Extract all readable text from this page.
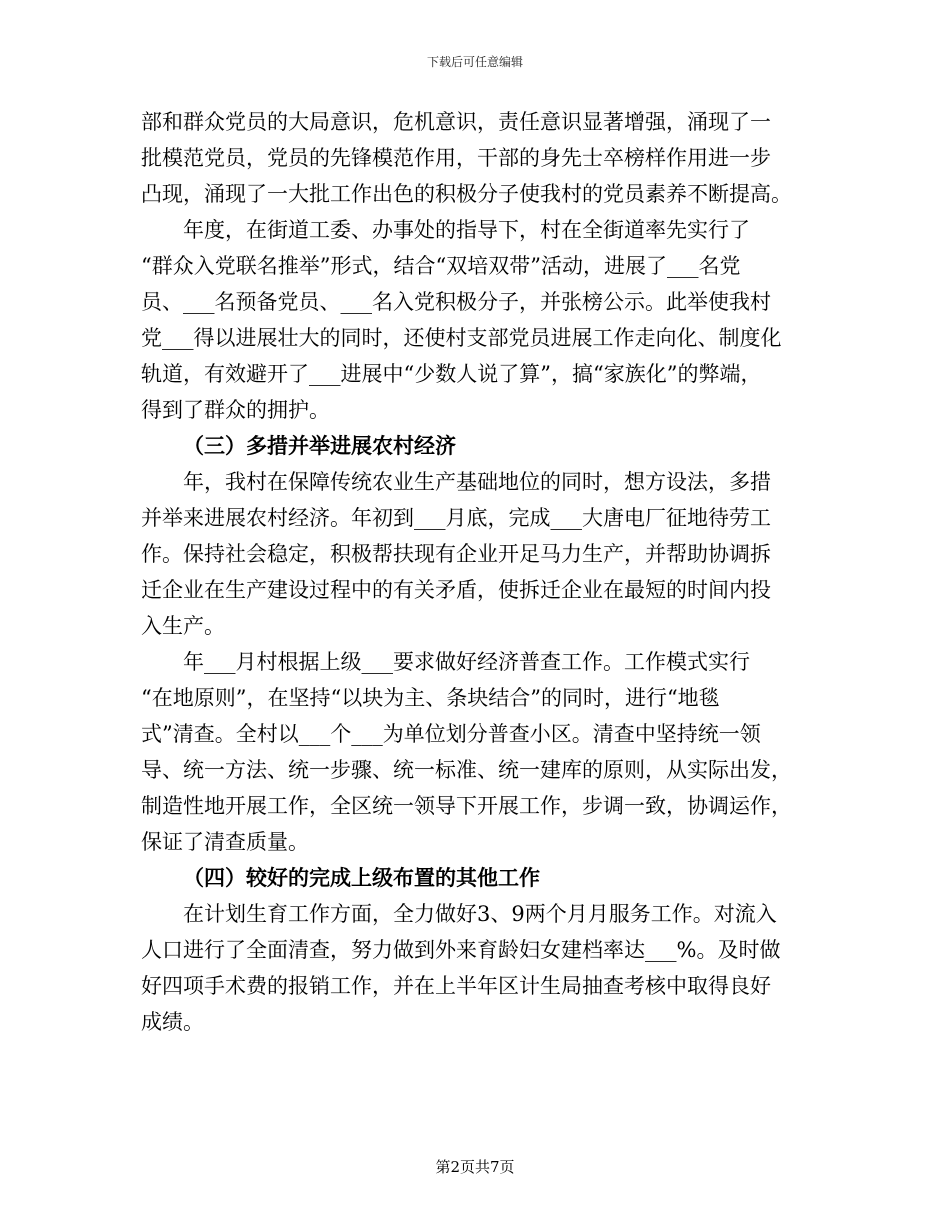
下载后可任意编辑
部和群众党员的大局意识，危机意识，责任意识显著增强，涌现了一
批模范党员，党员的先锋模范作用，干部的身先士卒榜样作用进一步
凸现，涌现了一大批工作出色的积极分子使我村的党员素养不断提高。
年度，在街道工委、办事处的指导下，村在全街道率先实行了
“群众入党联名推举”形式，结合“双培双带”活动，进展了___名党
员、___名预备党员、___名入党积极分子，并张榜公示。此举使我村
党___得以进展壮大的同时，还使村支部党员进展工作走向化、制度化
轨道，有效避开了___进展中“少数人说了算”，搞“家族化”的弊端，
得到了群众的拥护。
（三）多措并举进展农村经济
年，我村在保障传统农业生产基础地位的同时，想方设法，多措
并举来进展农村经济。年初到___月底，完成___大唐电厂征地待劳工
作。保持社会稳定，积极帮扶现有企业开足马力生产，并帮助协调拆
迁企业在生产建设过程中的有关矛盾，使拆迁企业在最短的时间内投
入生产。
年___月村根据上级___要求做好经济普查工作。工作模式实行
“在地原则”，在坚持“以块为主、条块结合”的同时，进行“地毯
式”清查。全村以___个___为单位划分普查小区。清查中坚持统一领
导、统一方法、统一步骤、统一标准、统一建库的原则，从实际出发，
制造性地开展工作，全区统一领导下开展工作，步调一致，协调运作，
保证了清查质量。
（四）较好的完成上级布置的其他工作
在计划生育工作方面，全力做好3、9两个月月服务工作。对流入
人口进行了全面清查，努力做到外来育龄妇女建档率达___%。及时做
好四项手术费的报销工作，并在上半年区计生局抽查考核中取得良好
成绩。
第2页共7页
